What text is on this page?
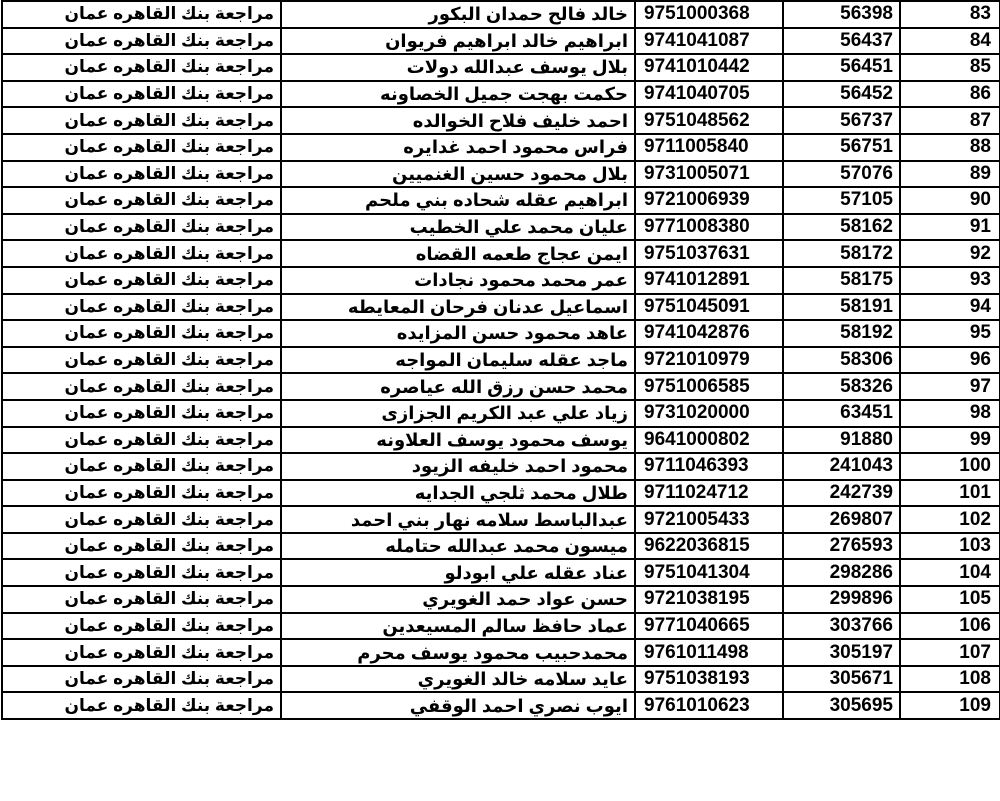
مراجعة بنك القاهره عمان	خالد فالح حمدان البكور	9751000368	56398	83
مراجعة بنك القاهره عمان	ابراهيم خالد ابراهيم فريوان	9741041087	56437	84
مراجعة بنك القاهره عمان	بلال يوسف عبدالله دولات	9741010442	56451	85
مراجعة بنك القاهره عمان	حكمت بهجت جميل الخصاونه	9741040705	56452	86
مراجعة بنك القاهره عمان	احمد خليف فلاح الخوالده	9751048562	56737	87
مراجعة بنك القاهره عمان	فراس محمود احمد غدايره	9711005840	56751	88
مراجعة بنك القاهره عمان	بلال محمود حسين الغنميين	9731005071	57076	89
مراجعة بنك القاهره عمان	ابراهيم عقله شحاده بني ملحم	9721006939	57105	90
مراجعة بنك القاهره عمان	عليان محمد علي الخطيب	9771008380	58162	91
مراجعة بنك القاهره عمان	ايمن عجاج طعمه القضاه	9751037631	58172	92
مراجعة بنك القاهره عمان	عمر محمد محمود نجادات	9741012891	58175	93
مراجعة بنك القاهره عمان	اسماعيل عدنان فرحان المعايطه	9751045091	58191	94
مراجعة بنك القاهره عمان	عاهد محمود حسن المزايده	9741042876	58192	95
مراجعة بنك القاهره عمان	ماجد عقله سليمان المواجه	9721010979	58306	96
مراجعة بنك القاهره عمان	محمد حسن رزق الله عياصره	9751006585	58326	97
مراجعة بنك القاهره عمان	زياد علي عبد الكريم الجزازى	9731020000	63451	98
مراجعة بنك القاهره عمان	يوسف محمود يوسف العلاونه	9641000802	91880	99
مراجعة بنك القاهره عمان	محمود احمد خليفه الزيود	9711046393	241043	100
مراجعة بنك القاهره عمان	طلال محمد ثلجي الجدايه	9711024712	242739	101
مراجعة بنك القاهره عمان	عبدالباسط سلامه نهار بني احمد	9721005433	269807	102
مراجعة بنك القاهره عمان	ميسون محمد عبدالله حتامله	9622036815	276593	103
مراجعة بنك القاهره عمان	عناد عقله علي ابودلو	9751041304	298286	104
مراجعة بنك القاهره عمان	حسن عواد حمد الغويري	9721038195	299896	105
مراجعة بنك القاهره عمان	عماد حافظ سالم المسيعدين	9771040665	303766	106
مراجعة بنك القاهره عمان	محمدحبيب محمود يوسف محرم	9761011498	305197	107
مراجعة بنك القاهره عمان	عايد سلامه خالد الغويري	9751038193	305671	108
مراجعة بنك القاهره عمان	ايوب نصري احمد الوقفي	9761010623	305695	109
